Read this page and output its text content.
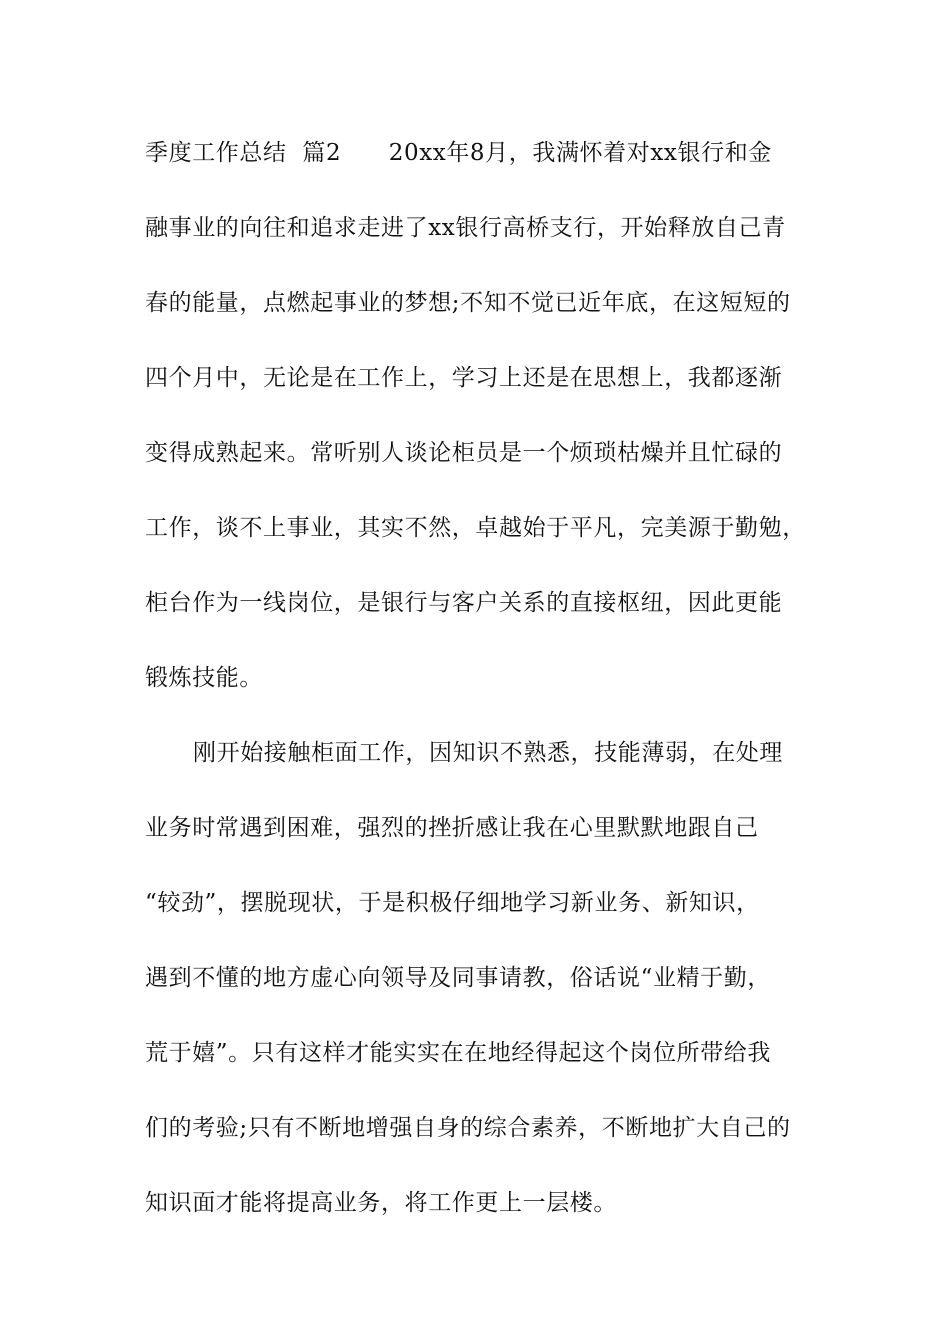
季度工作总结  篇2      20xx年8月，我满怀着对xx银行和金
融事业的向往和追求走进了xx银行高桥支行，开始释放自己青
春的能量，点燃起事业的梦想;不知不觉已近年底，在这短短的
四个月中，无论是在工作上，学习上还是在思想上，我都逐渐
变得成熟起来。常听别人谈论柜员是一个烦琐枯燥并且忙碌的
工作，谈不上事业，其实不然，卓越始于平凡，完美源于勤勉，
柜台作为一线岗位，是银行与客户关系的直接枢纽，因此更能
锻炼技能。
刚开始接触柜面工作，因知识不熟悉，技能薄弱，在处理
业务时常遇到困难，强烈的挫折感让我在心里默默地跟自己
“较劲”，摆脱现状，于是积极仔细地学习新业务、新知识，
遇到不懂的地方虚心向领导及同事请教，俗话说“业精于勤，
荒于嬉”。只有这样才能实实在在地经得起这个岗位所带给我
们的考验;只有不断地增强自身的综合素养，不断地扩大自己的
知识面才能将提高业务，将工作更上一层楼。
